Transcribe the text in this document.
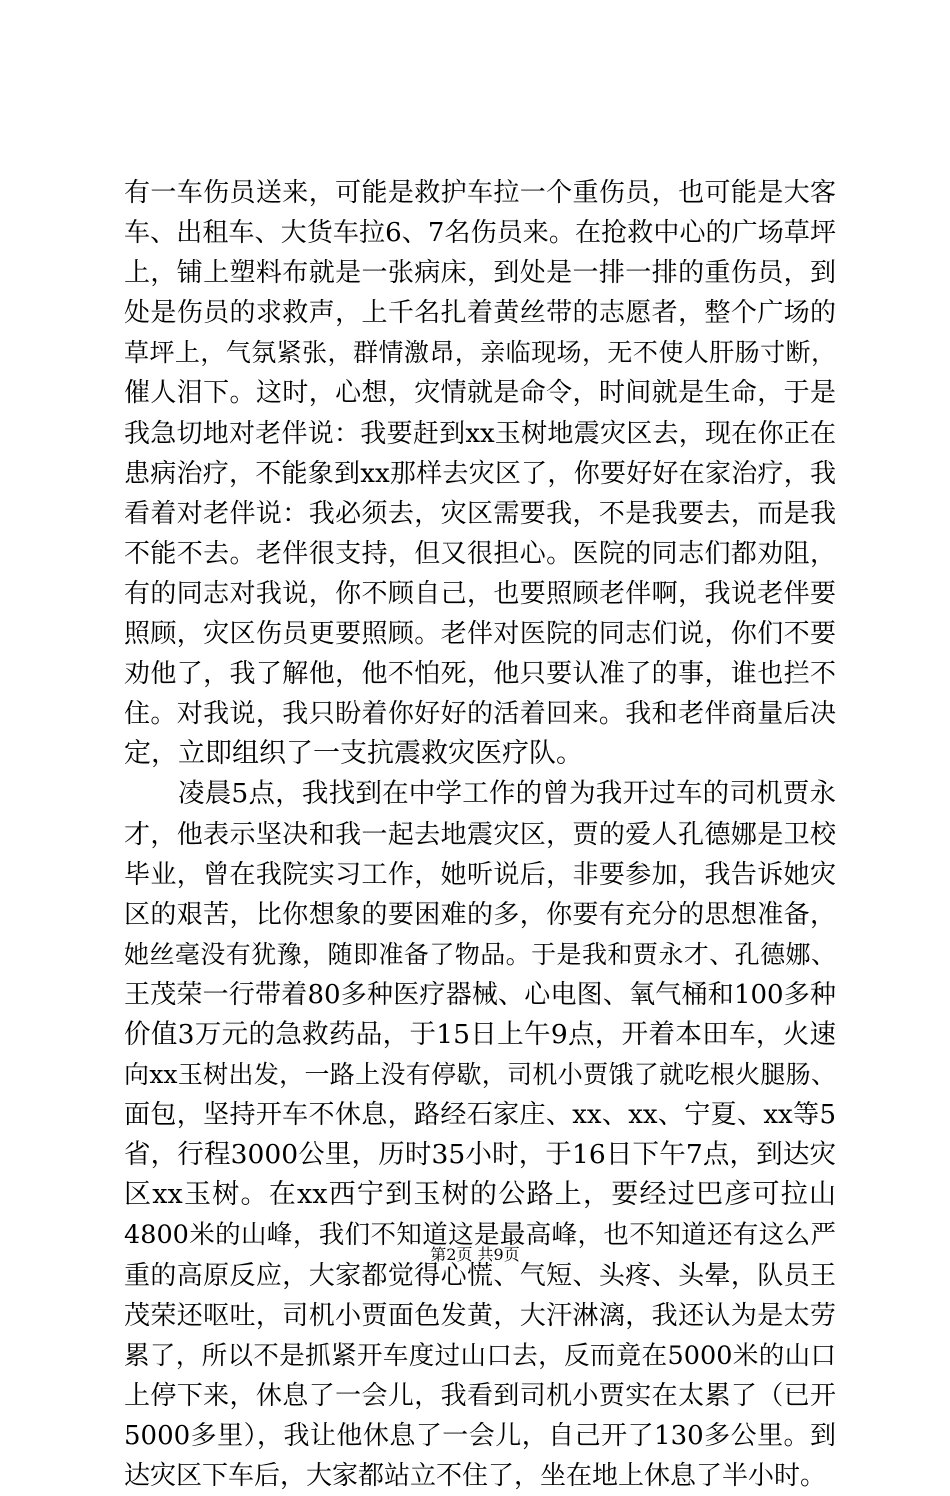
有一车伤员送来，可能是救护车拉一个重伤员，也可能是大客
车、出租车、大货车拉6、7名伤员来。在抢救中心的广场草坪
上，铺上塑料布就是一张病床，到处是一排一排的重伤员，到
处是伤员的求救声，上千名扎着黄丝带的志愿者，整个广场的
草坪上，气氛紧张，群情激昂，亲临现场，无不使人肝肠寸断，
催人泪下。这时，心想，灾情就是命令，时间就是生命，于是
我急切地对老伴说：我要赶到xx玉树地震灾区去，现在你正在
患病治疗，不能象到xx那样去灾区了，你要好好在家治疗，我
看着对老伴说：我必须去，灾区需要我，不是我要去，而是我
不能不去。老伴很支持，但又很担心。医院的同志们都劝阻，
有的同志对我说，你不顾自己，也要照顾老伴啊，我说老伴要
照顾，灾区伤员更要照顾。老伴对医院的同志们说，你们不要
劝他了，我了解他，他不怕死，他只要认准了的事，谁也拦不
住。对我说，我只盼着你好好的活着回来。我和老伴商量后决
定，立即组织了一支抗震救灾医疗队。
凌晨5点，我找到在中学工作的曾为我开过车的司机贾永
才，他表示坚决和我一起去地震灾区，贾的爱人孔德娜是卫校
毕业，曾在我院实习工作，她听说后，非要参加，我告诉她灾
区的艰苦，比你想象的要困难的多，你要有充分的思想准备，
她丝毫没有犹豫，随即准备了物品。于是我和贾永才、孔德娜、
王茂荣一行带着80多种医疗器械、心电图、氧气桶和100多种
价值3万元的急救药品，于15日上午9点，开着本田车，火速
向xx玉树出发，一路上没有停歇，司机小贾饿了就吃根火腿肠、
面包，坚持开车不休息，路经石家庄、xx、xx、宁夏、xx等5
省，行程3000公里，历时35小时，于16日下午7点，到达灾
区xx玉树。在xx西宁到玉树的公路上，要经过巴彦可拉山
4800米的山峰，我们不知道这是最高峰，也不知道还有这么严
重的高原反应，大家都觉得心慌、气短、头疼、头晕，队员王
茂荣还呕吐，司机小贾面色发黄，大汗淋漓，我还认为是太劳
累了，所以不是抓紧开车度过山口去，反而竟在5000米的山口
上停下来，休息了一会儿，我看到司机小贾实在太累了（已开
5000多里），我让他休息了一会儿，自己开了130多公里。到
达灾区下车后，大家都站立不住了，坐在地上休息了半小时。
第2页 共9页
